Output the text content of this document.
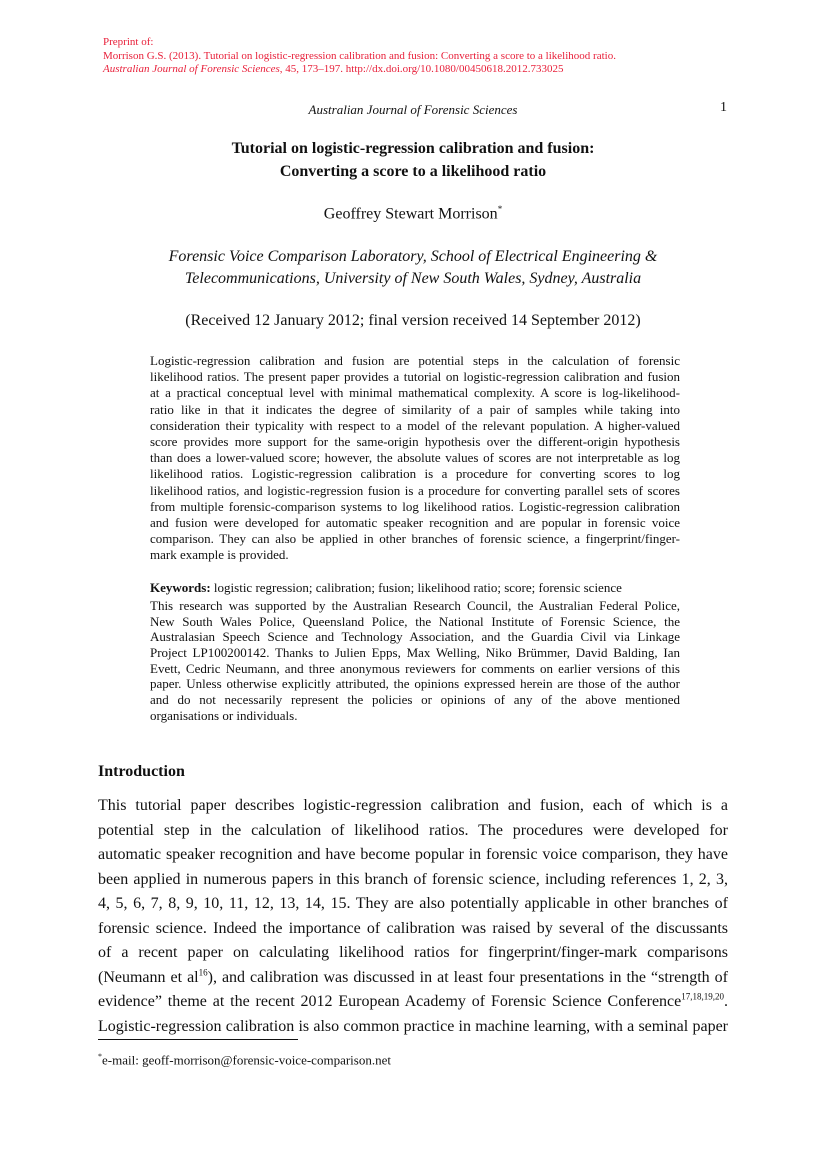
Preprint of:
Morrison G.S. (2013). Tutorial on logistic-regression calibration and fusion: Converting a score to a likelihood ratio.
Australian Journal of Forensic Sciences, 45, 173–197. http://dx.doi.org/10.1080/00450618.2012.733025
Australian Journal of Forensic Sciences	1
Tutorial on logistic-regression calibration and fusion:
Converting a score to a likelihood ratio
Geoffrey Stewart Morrison*
Forensic Voice Comparison Laboratory, School of Electrical Engineering &
Telecommunications, University of New South Wales, Sydney, Australia
(Received 12 January 2012; final version received 14 September 2012)
Logistic-regression calibration and fusion are potential steps in the calculation of forensic
likelihood ratios. The present paper provides a tutorial on logistic-regression calibration and fusion
at a practical conceptual level with minimal mathematical complexity. A score is log-likelihood-
ratio like in that it indicates the degree of similarity of a pair of samples while taking into
consideration their typicality with respect to a model of the relevant population. A higher-valued
score provides more support for the same-origin hypothesis over the different-origin hypothesis
than does a lower-valued score; however, the absolute values of scores are not interpretable as log
likelihood ratios. Logistic-regression calibration is a procedure for converting scores to log
likelihood ratios, and logistic-regression fusion is a procedure for converting parallel sets of scores
from multiple forensic-comparison systems to log likelihood ratios. Logistic-regression calibration
and fusion were developed for automatic speaker recognition and are popular in forensic voice
comparison. They can also be applied in other branches of forensic science, a fingerprint/finger-
mark example is provided.
Keywords: logistic regression; calibration; fusion; likelihood ratio; score; forensic science
This research was supported by the Australian Research Council, the Australian Federal Police,
New South Wales Police, Queensland Police, the National Institute of Forensic Science, the
Australasian Speech Science and Technology Association, and the Guardia Civil via Linkage
Project LP100200142. Thanks to Julien Epps, Max Welling, Niko Brümmer, David Balding, Ian
Evett, Cedric Neumann, and three anonymous reviewers for comments on earlier versions of this
paper. Unless otherwise explicitly attributed, the opinions expressed herein are those of the author
and do not necessarily represent the policies or opinions of any of the above mentioned
organisations or individuals.
Introduction
This tutorial paper describes logistic-regression calibration and fusion, each of which is a
potential step in the calculation of likelihood ratios. The procedures were developed for
automatic speaker recognition and have become popular in forensic voice comparison, they have
been applied in numerous papers in this branch of forensic science, including references 1, 2, 3,
4, 5, 6, 7, 8, 9, 10, 11, 12, 13, 14, 15. They are also potentially applicable in other branches of
forensic science. Indeed the importance of calibration was raised by several of the discussants
of a recent paper on calculating likelihood ratios for fingerprint/finger-mark comparisons
(Neumann et $al^{16}$), and calibration was discussed in at least four presentations in the “strength of
evidence” theme at the recent 2012 European Academy of Forensic Science Conference$^{17,18,19,20}$.
Logistic-regression calibration is also common practice in machine learning, with a seminal paper
*e-mail: geoff-morrison@forensic-voice-comparison.net
